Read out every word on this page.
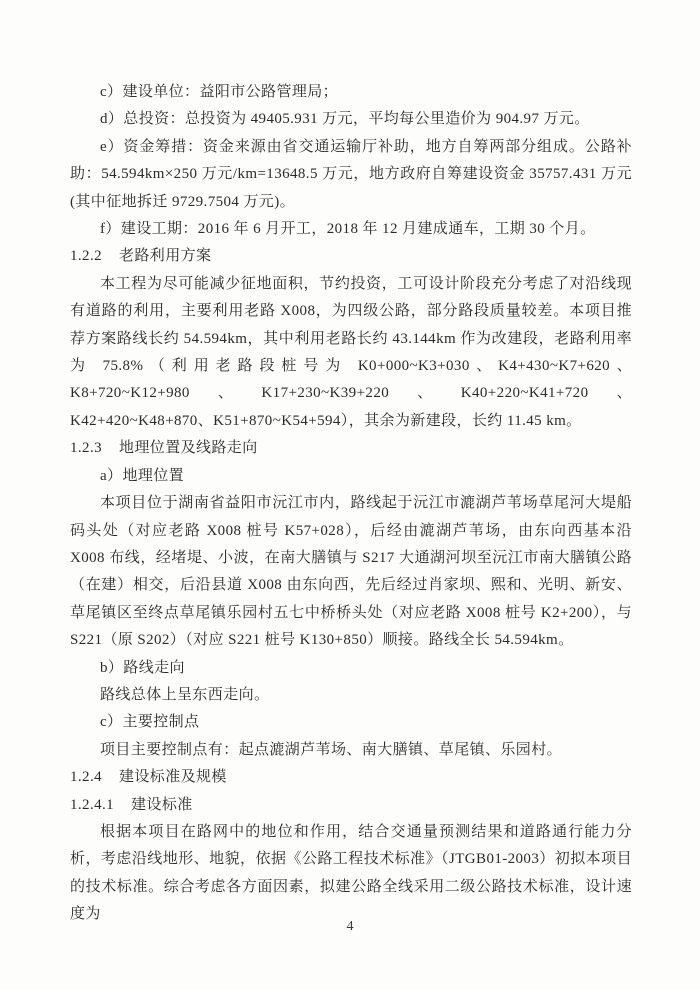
c）建设单位：益阳市公路管理局；

d）总投资：总投资为 49405.931 万元，平均每公里造价为 904.97 万元。

e）资金筹措：资金来源由省交通运输厅补助，地方自筹两部分组成。公路补助：54.594km×250 万元/km=13648.5 万元，地方政府自筹建设资金 35757.431 万元(其中征地拆迁 9729.7504 万元)。

f）建设工期：2016 年 6 月开工，2018 年 12 月建成通车，工期 30 个月。

1.2.2 老路利用方案

本工程为尽可能减少征地面积，节约投资，工可设计阶段充分考虑了对沿线现有道路的利用，主要利用老路 X008，为四级公路，部分路段质量较差。本项目推荐方案路线长约 54.594km，其中利用老路长约 43.144km 作为改建段，老路利用率为 75.8%（利用老路段桩号为 K0+000~K3+030、K4+430~K7+620、K8+720~K12+980、K17+230~K39+220、K40+220~K41+720、K42+420~K48+870、K51+870~K54+594），其余为新建段，长约 11.45 km。

1.2.3 地理位置及线路走向

a）地理位置

本项目位于湖南省益阳市沅江市内，路线起于沅江市漉湖芦苇场草尾河大堤船码头处（对应老路 X008 桩号 K57+028），后经由漉湖芦苇场，由东向西基本沿 X008 布线，经堵堤、小波，在南大膳镇与 S217 大通湖河坝至沅江市南大膳镇公路（在建）相交，后沿县道 X008 由东向西，先后经过肖家坝、熙和、光明、新安、草尾镇区至终点草尾镇乐园村五七中桥桥头处（对应老路 X008 桩号 K2+200），与 S221（原 S202）（对应 S221 桩号 K130+850）顺接。路线全长 54.594km。

b）路线走向

路线总体上呈东西走向。

c）主要控制点

项目主要控制点有：起点漉湖芦苇场、南大膳镇、草尾镇、乐园村。

1.2.4 建设标准及规模
1.2.4.1 建设标准

根据本项目在路网中的地位和作用，结合交通量预测结果和道路通行能力分析，考虑沿线地形、地貌，依据《公路工程技术标准》（JTGB01-2003）初拟本项目的技术标准。综合考虑各方面因素，拟建公路全线采用二级公路技术标准，设计速度为

4
